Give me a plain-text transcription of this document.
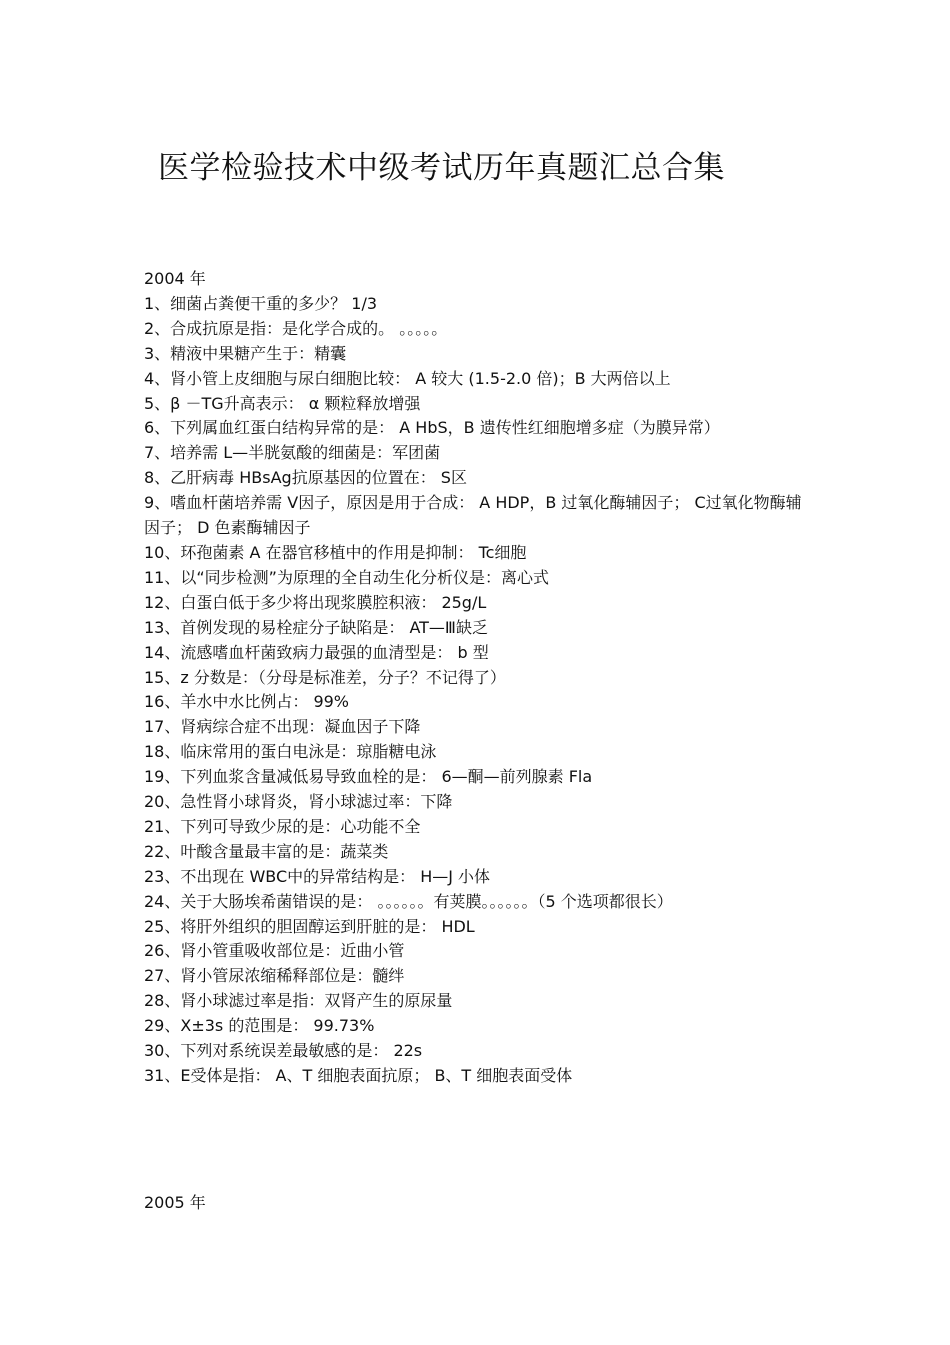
医学检验技术中级考试历年真题汇总合集
2004 年
1、细菌占粪便干重的多少？ 1/3
2、合成抗原是指：是化学合成的。 。。。。。
3、精液中果糖产生于：精囊
4、肾小管上皮细胞与尿白细胞比较： A 较大 (1.5-2.0 倍)；B 大两倍以上
5、β －TG升高表示： α 颗粒释放增强
6、下列属血红蛋白结构异常的是： A HbS，B 遗传性红细胞增多症（为膜异常）
7、培养需 L—半胱氨酸的细菌是：军团菌
8、乙肝病毒 HBsAg抗原基因的位置在： S区
9、嗜血杆菌培养需 V因子，原因是用于合成： A HDP，B 过氧化酶辅因子； C过氧化物酶辅因子； D 色素酶辅因子
10、环孢菌素 A 在器官移植中的作用是抑制： Tc细胞
11、以“同步检测”为原理的全自动生化分析仪是：离心式
12、白蛋白低于多少将出现浆膜腔积液： 25g/L
13、首例发现的易栓症分子缺陷是： AT—Ⅲ缺乏
14、流感嗜血杆菌致病力最强的血清型是： b 型
15、z 分数是：（分母是标准差，分子？不记得了）
16、羊水中水比例占： 99%
17、肾病综合症不出现：凝血因子下降
18、临床常用的蛋白电泳是：琼脂糖电泳
19、下列血浆含量减低易导致血栓的是： 6—酮—前列腺素 Fla
20、急性肾小球肾炎，肾小球滤过率：下降
21、下列可导致少尿的是：心功能不全
22、叶酸含量最丰富的是：蔬菜类
23、不出现在 WBC中的异常结构是： H—J 小体
24、关于大肠埃希菌错误的是： 。。。。。。有荚膜。。。。。。（5 个选项都很长）
25、将肝外组织的胆固醇运到肝脏的是： HDL
26、肾小管重吸收部位是：近曲小管
27、肾小管尿浓缩稀释部位是：髓绊
28、肾小球滤过率是指：双肾产生的原尿量
29、X±3s 的范围是： 99.73%
30、下列对系统误差最敏感的是： 22s
31、E受体是指： A、T 细胞表面抗原； B、T 细胞表面受体
2005 年
